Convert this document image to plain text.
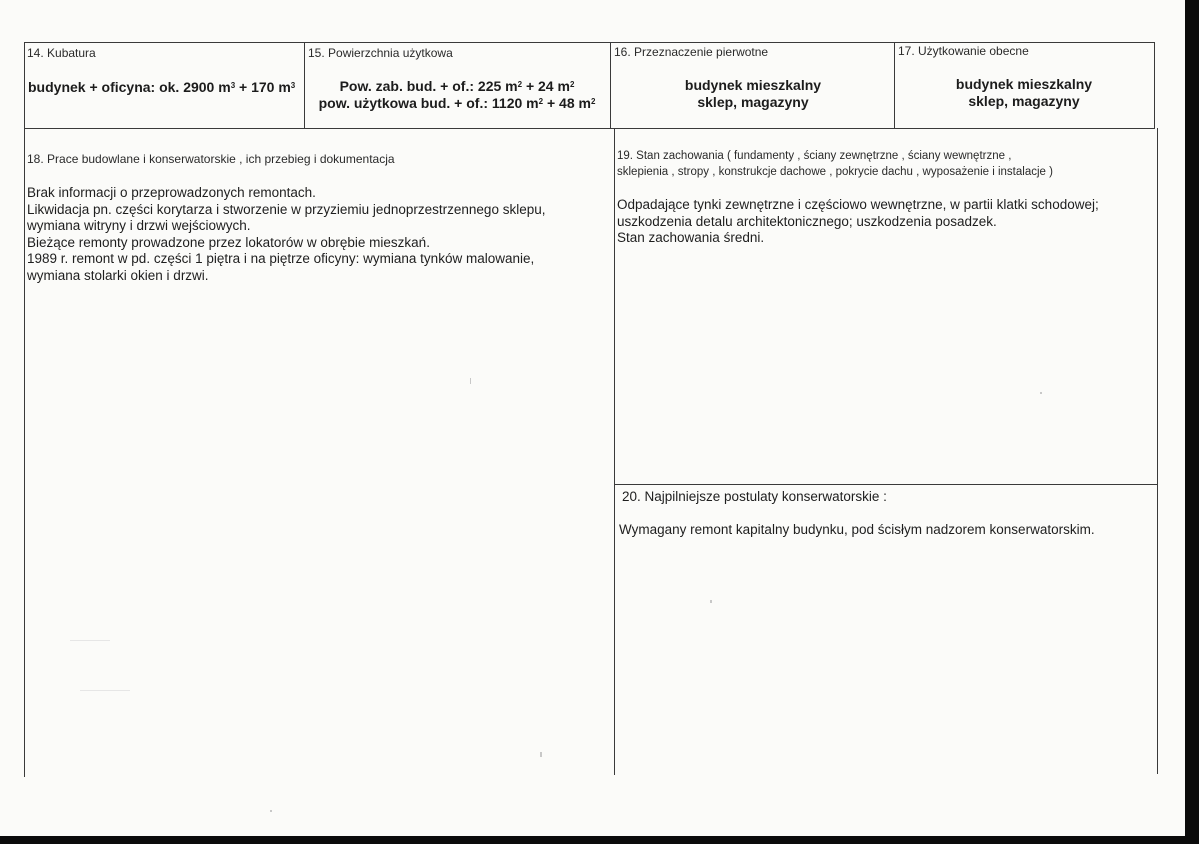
14. Kubatura
budynek + oficyna: ok. 2900 $m^3 + 170$ $m^3$
15. Powierzchnia użytkowa
Pow. zab. bud. + of.: 225 $m^2 + 24$ $m^2$
pow. użytkowa bud. + of.: 1120 $m^2 + 48$ $m^2$
16. Przeznaczenie pierwotne
budynek mieszkalny
sklep, magazyny
17. Użytkowanie obecne
budynek mieszkalny
sklep, magazyny
18. Prace budowlane i konserwatorskie , ich przebieg i dokumentacja
Brak informacji o przeprowadzonych remontach.
Likwidacja pn. części korytarza i stworzenie w przyziemiu jednoprzestrzennego sklepu,
wymiana witryny i drzwi wejściowych.
Bieżące remonty prowadzone przez lokatorów w obrębie mieszkań.
1989 r. remont w pd. części 1 piętra i na piętrze oficyny: wymiana tynków malowanie,
wymiana stolarki okien i drzwi.
19. Stan zachowania ( fundamenty , ściany zewnętrzne , ściany wewnętrzne ,
sklepienia , stropy , konstrukcje dachowe , pokrycie dachu , wyposażenie i instalacje )
Odpadające tynki zewnętrzne i częściowo wewnętrzne, w partii klatki schodowej;
uszkodzenia detalu architektonicznego; uszkodzenia posadzek.
Stan zachowania średni.
20. Najpilniejsze postulaty konserwatorskie :
Wymagany remont kapitalny budynku, pod ścisłym nadzorem konserwatorskim.
